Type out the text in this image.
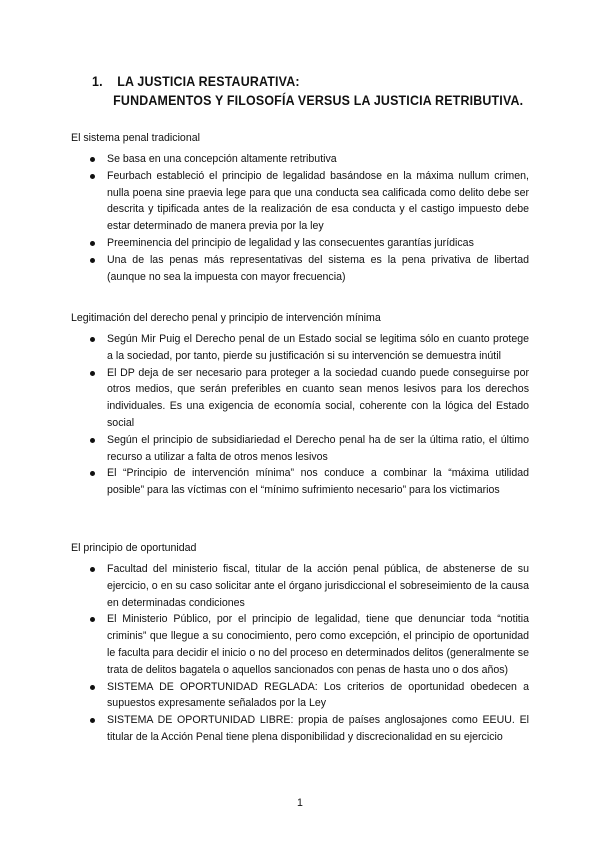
1. LA JUSTICIA RESTAURATIVA:
FUNDAMENTOS Y FILOSOFÍA VERSUS LA JUSTICIA RETRIBUTIVA.
El sistema penal tradicional
Se basa en una concepción altamente retributiva
Feurbach estableció el principio de legalidad basándose en la máxima nullum crimen, nulla poena sine praevia lege para que una conducta sea calificada como delito debe ser descrita y tipificada antes de la realización de esa conducta y el castigo impuesto debe estar determinado de manera previa por la ley
Preeminencia del principio de legalidad y las consecuentes garantías jurídicas
Una de las penas más representativas del sistema es la pena privativa de libertad (aunque no sea la impuesta con mayor frecuencia)
Legitimación del derecho penal y principio de intervención mínima
Según Mir Puig el Derecho penal de un Estado social se legitima sólo en cuanto protege a la sociedad, por tanto, pierde su justificación si su intervención se demuestra inútil
El DP deja de ser necesario para proteger a la sociedad cuando puede conseguirse por otros medios, que serán preferibles en cuanto sean menos lesivos para los derechos individuales. Es una exigencia de economía social, coherente con la lógica del Estado social
Según el principio de subsidiariedad el Derecho penal ha de ser la última ratio, el último recurso a utilizar a falta de otros menos lesivos
El “Principio de intervención mínima” nos conduce a combinar la “máxima utilidad posible” para las víctimas con el “mínimo sufrimiento necesario” para los victimarios
El principio de oportunidad
Facultad del ministerio fiscal, titular de la acción penal pública, de abstenerse de su ejercicio, o en su caso solicitar ante el órgano jurisdiccional el sobreseimiento de la causa en determinadas condiciones
El Ministerio Público, por el principio de legalidad, tiene que denunciar toda “notitia criminis” que llegue a su conocimiento, pero como excepción, el principio de oportunidad le faculta para decidir el inicio o no del proceso en determinados delitos (generalmente se trata de delitos bagatela o aquellos sancionados con penas de hasta uno o dos años)
SISTEMA DE OPORTUNIDAD REGLADA: Los criterios de oportunidad obedecen a supuestos expresamente señalados por la Ley
SISTEMA DE OPORTUNIDAD LIBRE: propia de países anglosajones como EEUU. El titular de la Acción Penal tiene plena disponibilidad y discrecionalidad en su ejercicio
1
